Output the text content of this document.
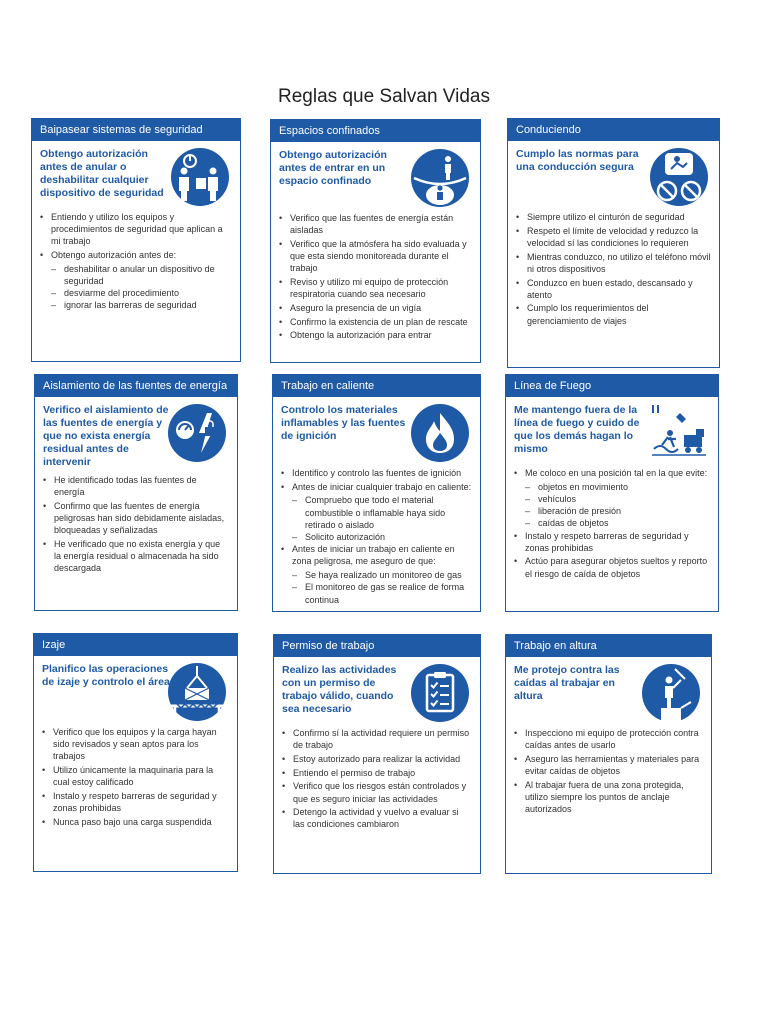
Reglas que Salvan Vidas
Baipasear sistemas de seguridad
Obtengo autorización antes de anular o deshabilitar cualquier dispositivo de seguridad
• Entiendo y utilizo los equipos y procedimientos de seguridad que aplican a mi trabajo
• Obtengo autorización antes de:
– deshabilitar o anular un dispositivo de seguridad
– desviarme del procedimiento
– ignorar las barreras de seguridad
Espacios confinados
Obtengo autorización antes de entrar en un espacio confinado
• Verifico que las fuentes de energía están aisladas
• Verifico que la atmósfera ha sido evaluada y que esta siendo monitoreada durante el trabajo
• Reviso y utilizo mi equipo de protección respiratoria cuando sea necesario
• Aseguro la presencia de un vigía
• Confirmo la existencia de un plan de rescate
• Obtengo la autorización para entrar
Conduciendo
Cumplo las normas para una conducción segura
• Siempre utilizo el cinturón de seguridad
• Respeto el límite de velocidad y reduzco la velocidad sí las condiciones lo requieren
• Mientras conduzco, no utilizo el teléfono móvil ni otros dispositivos
• Conduzco en buen estado, descansado y atento
• Cumplo los requerimientos del gerenciamiento de viajes
Aislamiento de las fuentes de energía
Verifico el aislamiento de las fuentes de energía y que no exista energía residual antes de intervenir
• He identificado todas las fuentes de energía
• Confirmo que las fuentes de energía peligrosas han sido debidamente aisladas, bloqueadas y señalizadas
• He verificado que no exista energía y que la energía residual o almacenada ha sido descargada
Trabajo en caliente
Controlo los materiales inflamables y las fuentes de ignición
• Identifico y controlo las fuentes de ignición
• Antes de iniciar cualquier trabajo en caliente:
– Compruebo que todo el material combustible o inflamable haya sido retirado o aislado
– Solicito autorización
• Antes de iniciar un trabajo en caliente en zona peligrosa, me aseguro de que:
– Se haya realizado un monitoreo de gas
– El monitoreo de gas se realice de forma continua
Línea de Fuego
Me mantengo fuera de la línea de fuego y cuido de que los demás hagan lo mismo
• Me coloco en una posición tal en la que evite:
– objetos en movimiento
– vehículos
– liberación de presión
– caídas de objetos
• Instalo y respeto barreras de seguridad y zonas prohibidas
• Actúo para asegurar objetos sueltos y reporto el riesgo de caída de objetos
Izaje
Planifico las operaciones de izaje y controlo el área
• Verifico que los equipos y la carga hayan sido revisados y sean aptos para los trabajos
• Utilizo únicamente la maquinaria para la cual estoy calificado
• Instalo y respeto barreras de seguridad y zonas prohibidas
• Nunca paso bajo una carga suspendida
Permiso de trabajo
Realizo las actividades con un permiso de trabajo válido, cuando sea necesario
• Confirmo sí la actividad requiere un permiso de trabajo
• Estoy autorizado para realizar la actividad
• Entiendo el permiso de trabajo
• Verifico que los riesgos están controlados y que es seguro iniciar las actividades
• Detengo la actividad y vuelvo a evaluar si las condiciones cambiaron
Trabajo en altura
Me protejo contra las caídas al trabajar en altura
• Inspecciono mi equipo de protección contra caídas antes de usarlo
• Aseguro las herramientas y materiales para evitar caídas de objetos
• Al trabajar fuera de una zona protegida, utilizo siempre los puntos de anclaje autorizados
